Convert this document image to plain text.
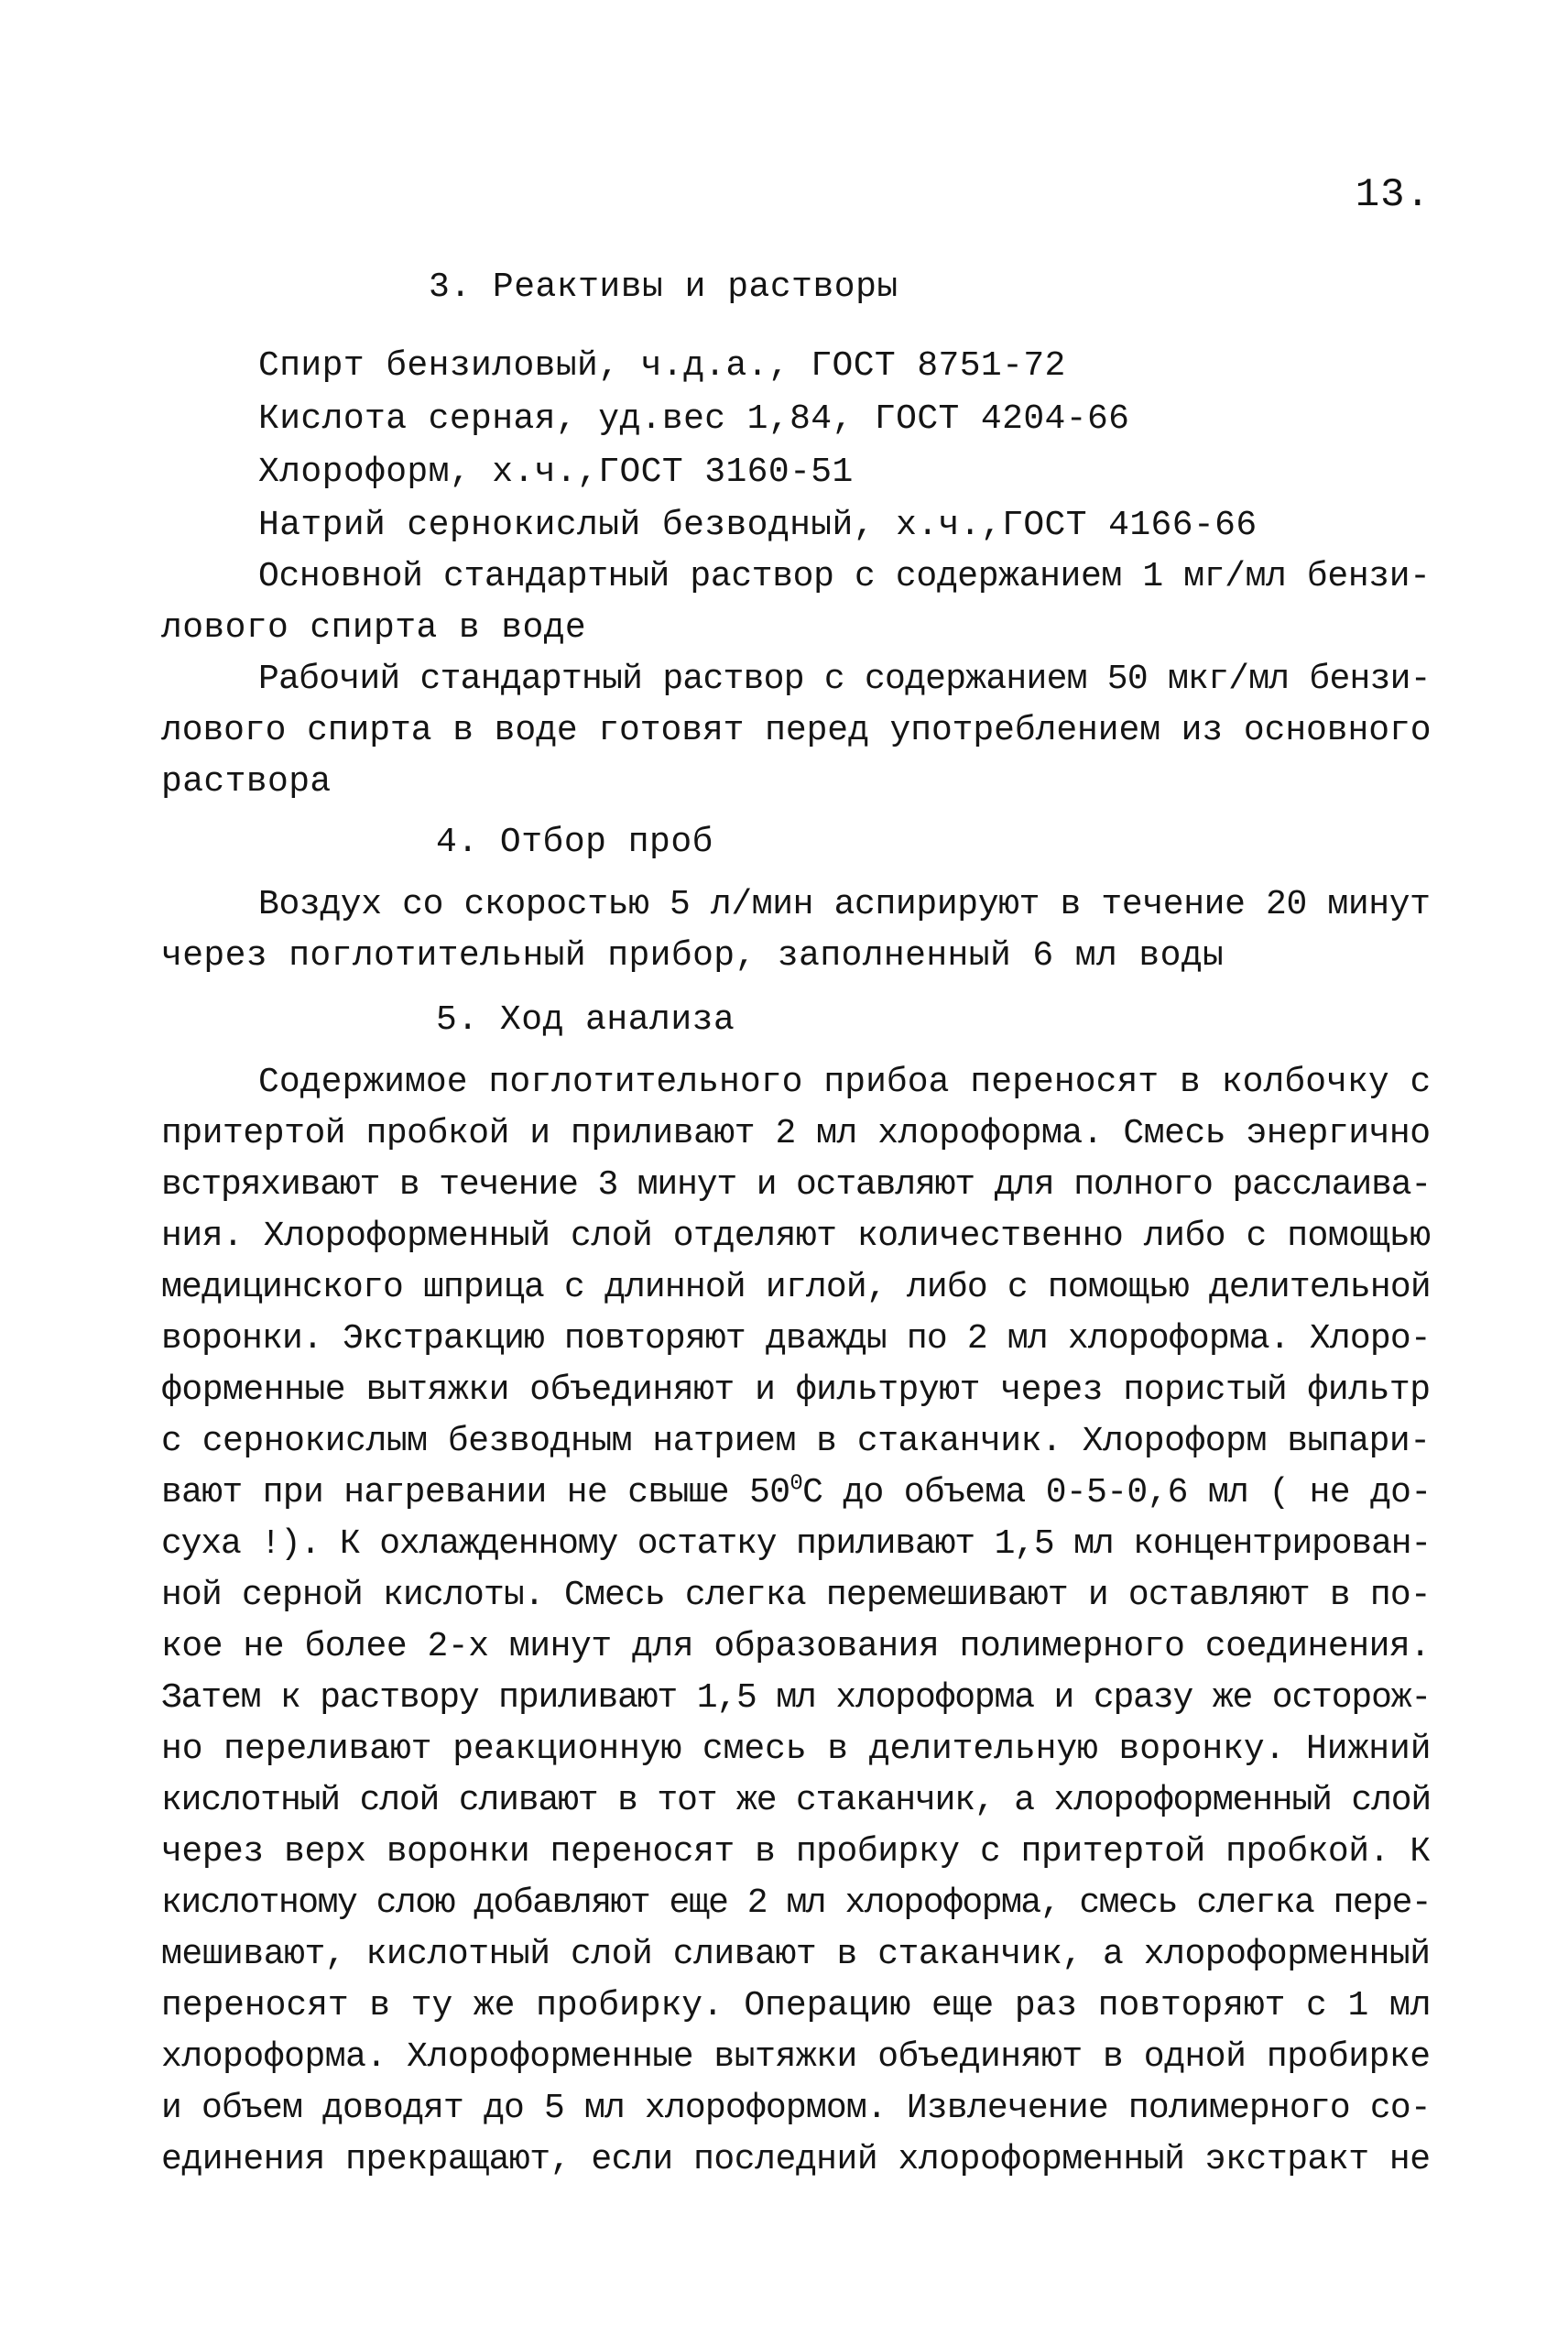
13.
3. Реактивы и растворы
Спирт бензиловый, ч.д.а., ГОСТ 8751-72
Кислота серная, уд.вес 1,84, ГОСТ 4204-66
Хлороформ, х.ч.,ГОСТ 3160-51
Натрий сернокислый безводный, х.ч.,ГОСТ 4166-66
Основной стандартный раствор с содержанием 1 мг/мл бензи-
лового спирта в воде
Рабочий стандартный раствор с содержанием 50 мкг/мл бензи-
лового спирта в воде готовят перед употреблением из основного
раствора
4. Отбор проб
Воздух со скоростью 5 л/мин аспирируют в течение 20 минут
через поглотительный прибор, заполненный 6 мл воды
5. Ход анализа
Содержимое поглотительного прибоа переносят в колбочку с
притертой пробкой и приливают 2 мл хлороформа. Смесь энергично
встряхивают в течение 3 минут и оставляют для полного расслаива-
ния. Хлороформенный слой отделяют количественно либо с помощью
медицинского шприца с длинной иглой, либо с помощью делительной
воронки. Экстракцию повторяют дважды по 2 мл хлороформа. Хлоро-
форменные вытяжки объединяют и фильтруют через пористый фильтр
с сернокислым безводным натрием в стаканчик. Хлороформ выпари-
вают при нагревании не свыше $50^0С$ до объема 0-5-0,6 мл ( не до-
сухa !). К охлажденному остатку приливают 1,5 мл концентрирован-
ной серной кислоты. Смесь слегка перемешивают и оставляют в по-
кое не более 2-х минут для образования полимерного соединения.
Затем к раствору приливают 1,5 мл хлороформа и сразу же осторож-
но переливают реакционную смесь в делительную воронку. Нижний
кислотный слой сливают в тот же стаканчик, а хлороформенный слой
через верх воронки переносят в пробирку с притертой пробкой. К
кислотному слою добавляют еще 2 мл хлороформа, смесь слегка пере-
мешивают, кислотный слой сливают в стаканчик, а хлороформенный
переносят в ту же пробирку. Операцию еще раз повторяют с 1 мл
хлороформа. Хлороформенные вытяжки объединяют в одной пробирке
и объем доводят до 5 мл хлороформом. Извлечение полимерного со-
единения прекращают, если последний хлороформенный экстракт не
